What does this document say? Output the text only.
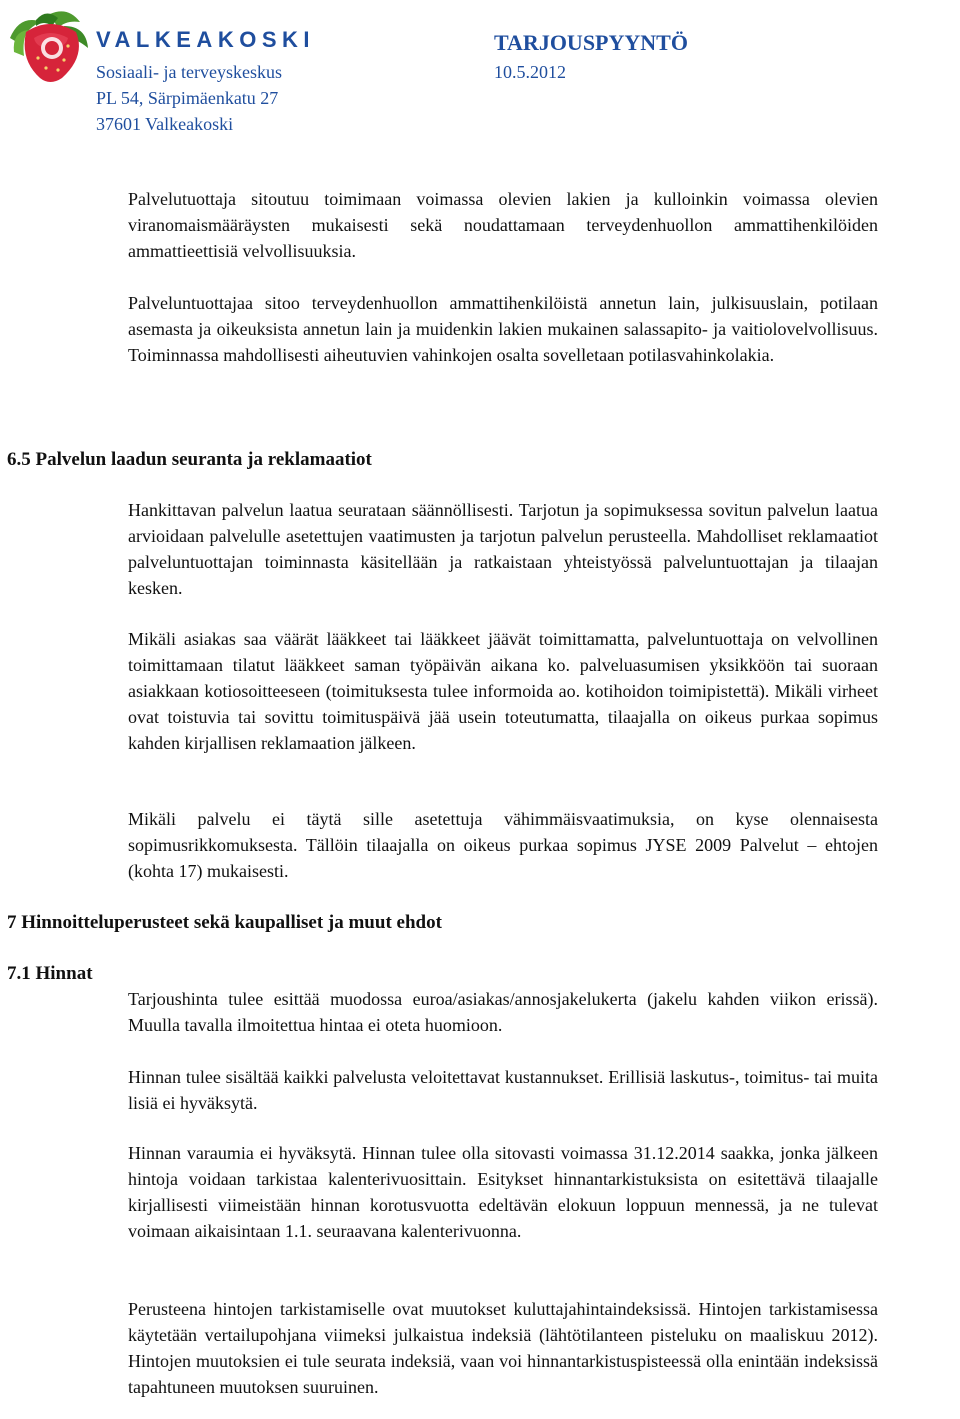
VALKEAKOSKI	TARJOUSPYYNTÖ
Sosiaali- ja terveyskeskus	10.5.2012
PL 54, Särpimäenkatu 27
37601 Valkeakoski

Palvelutuottaja sitoutuu toimimaan voimassa olevien lakien ja kulloinkin voimassa olevien viranomaismääräysten mukaisesti sekä noudattamaan terveydenhuollon ammattihenkilöiden ammattieettisiä velvollisuuksia.

Palveluntuottajaa sitoo terveydenhuollon ammattihenkilöistä annetun lain, julkisuuslain, potilaan asemasta ja oikeuksista annetun lain ja muidenkin lakien mukainen salassapito- ja vaitiolovelvollisuus. Toiminnassa mahdollisesti aiheutuvien vahinkojen osalta sovelletaan potilasvahinkolakia.

6.5 Palvelun laadun seuranta ja reklamaatiot

Hankittavan palvelun laatua seurataan säännöllisesti. Tarjotun ja sopimuksessa sovitun palvelun laatua arvioidaan palvelulle asetettujen vaatimusten ja tarjotun palvelun perusteella. Mahdolliset reklamaatiot palveluntuottajan toiminnasta käsitellään ja ratkaistaan yhteistyössä palveluntuottajan ja tilaajan kesken.

Mikäli asiakas saa väärät lääkkeet tai lääkkeet jäävät toimittamatta, palveluntuottaja on velvollinen toimittamaan tilatut lääkkeet saman työpäivän aikana ko. palveluasumisen yksikköön tai suoraan asiakkaan kotiosoitteeseen (toimituksesta tulee informoida ao. kotihoidon toimipistettä). Mikäli virheet ovat toistuvia tai sovittu toimituspäivä jää usein toteutumatta, tilaajalla on oikeus purkaa sopimus kahden kirjallisen reklamaation jälkeen.

Mikäli palvelu ei täytä sille asetettuja vähimmäisvaatimuksia, on kyse olennaisesta sopimusrikkomuksesta. Tällöin tilaajalla on oikeus purkaa sopimus JYSE 2009 Palvelut – ehtojen (kohta 17) mukaisesti.

7 Hinnoitteluperusteet sekä kaupalliset ja muut ehdot
7.1 Hinnat

Tarjoushinta tulee esittää muodossa euroa/asiakas/annosjakelukerta (jakelu kahden viikon erissä). Muulla tavalla ilmoitettua hintaa ei oteta huomioon.

Hinnan tulee sisältää kaikki palvelusta veloitettavat kustannukset. Erillisiä laskutus-, toimitus- tai muita lisiä ei hyväksytä.

Hinnan varaumia ei hyväksytä. Hinnan tulee olla sitovasti voimassa 31.12.2014 saakka, jonka jälkeen hintoja voidaan tarkistaa kalenterivuosittain. Esitykset hinnantarkistuksista on esitettävä tilaajalle kirjallisesti viimeistään hinnan korotusvuotta edeltävän elokuun loppuun mennessä, ja ne tulevat voimaan aikaisintaan 1.1. seuraavana kalenterivuonna.

Perusteena hintojen tarkistamiselle ovat muutokset kuluttajahintaindeksissä. Hintojen tarkistamisessa käytetään vertailupohjana viimeksi julkaistua indeksiä (lähtötilanteen pisteluku on maaliskuu 2012). Hintojen muutoksien ei tule seurata indeksiä, vaan voi hinnantarkistuspisteessä olla enintään indeksissä tapahtuneen muutoksen suuruinen.
